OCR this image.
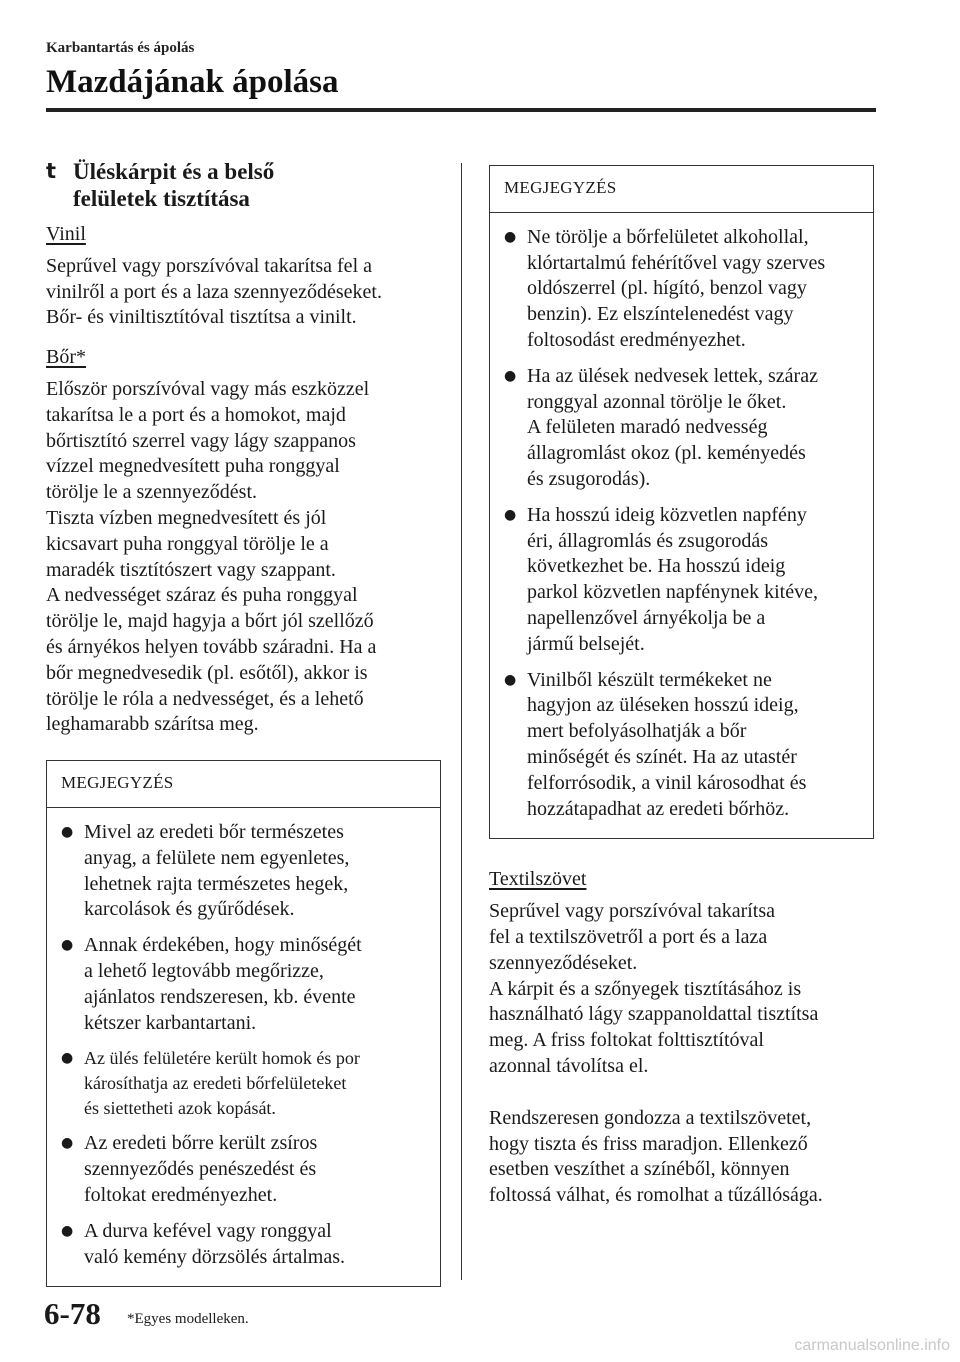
Karbantartás és ápolás
Mazdájának ápolása
t Üléskárpit és a belső
felületek tisztítása
Vinil
Seprűvel vagy porszívóval takarítsa fel a
vinilről a port és a laza szennyeződéseket.
Bőr- és viniltisztítóval tisztítsa a vinilt.
Bőr*
Először porszívóval vagy más eszközzel
takarítsa le a port és a homokot, majd
bőrtisztító szerrel vagy lágy szappanos
vízzel megnedvesített puha ronggyal
törölje le a szennyeződést.
Tiszta vízben megnedvesített és jól
kicsavart puha ronggyal törölje le a
maradék tisztítószert vagy szappant.
A nedvességet száraz és puha ronggyal
törölje le, majd hagyja a bőrt jól szellőző
és árnyékos helyen tovább száradni. Ha a
bőr megnedvesedik (pl. esőtől), akkor is
törölje le róla a nedvességet, és a lehető
leghamarabb szárítsa meg.
MEGJEGYZÉS
● Mivel az eredeti bőr természetes
anyag, a felülete nem egyenletes,
lehetnek rajta természetes hegek,
karcolások és gyűrődések.
● Annak érdekében, hogy minőségét
a lehető legtovább megőrizze,
ajánlatos rendszeresen, kb. évente
kétszer karbantartani.
● Az ülés felületére került homok és por
károsíthatja az eredeti bőrfelületeket
és siettetheti azok kopását.
● Az eredeti bőrre került zsíros
szennyeződés penészedést és
foltokat eredményezhet.
● A durva kefével vagy ronggyal
való kemény dörzsölés ártalmas.
MEGJEGYZÉS
● Ne törölje a bőrfelületet alkohollal,
klórtartalmú fehérítővel vagy szerves
oldószerrel (pl. hígító, benzol vagy
benzin). Ez elszíntelenedést vagy
foltosodást eredményezhet.
● Ha az ülések nedvesek lettek, száraz
ronggyal azonnal törölje le őket.
A felületen maradó nedvesség
állagromlást okoz (pl. keményedés
és zsugorodás).
● Ha hosszú ideig közvetlen napfény
éri, állagromlás és zsugorodás
következhet be. Ha hosszú ideig
parkol közvetlen napfénynek kitéve,
napellenzővel árnyékolja be a
jármű belsejét.
● Vinilből készült termékeket ne
hagyjon az üléseken hosszú ideig,
mert befolyásolhatják a bőr
minőségét és színét. Ha az utastér
felforrósodik, a vinil károsodhat és
hozzátapadhat az eredeti bőrhöz.
Textilszövet
Seprűvel vagy porszívóval takarítsa
fel a textilszövetről a port és a laza
szennyeződéseket.
A kárpit és a szőnyegek tisztításához is
használható lágy szappanoldattal tisztítsa
meg. A friss foltokat folttisztítóval
azonnal távolítsa el.
Rendszeresen gondozza a textilszövetet,
hogy tiszta és friss maradjon. Ellenkező
esetben veszíthet a színéből, könnyen
foltossá válhat, és romolhat a tűzállósága.
6-78 *Egyes modelleken.
carmanualsonline.info
